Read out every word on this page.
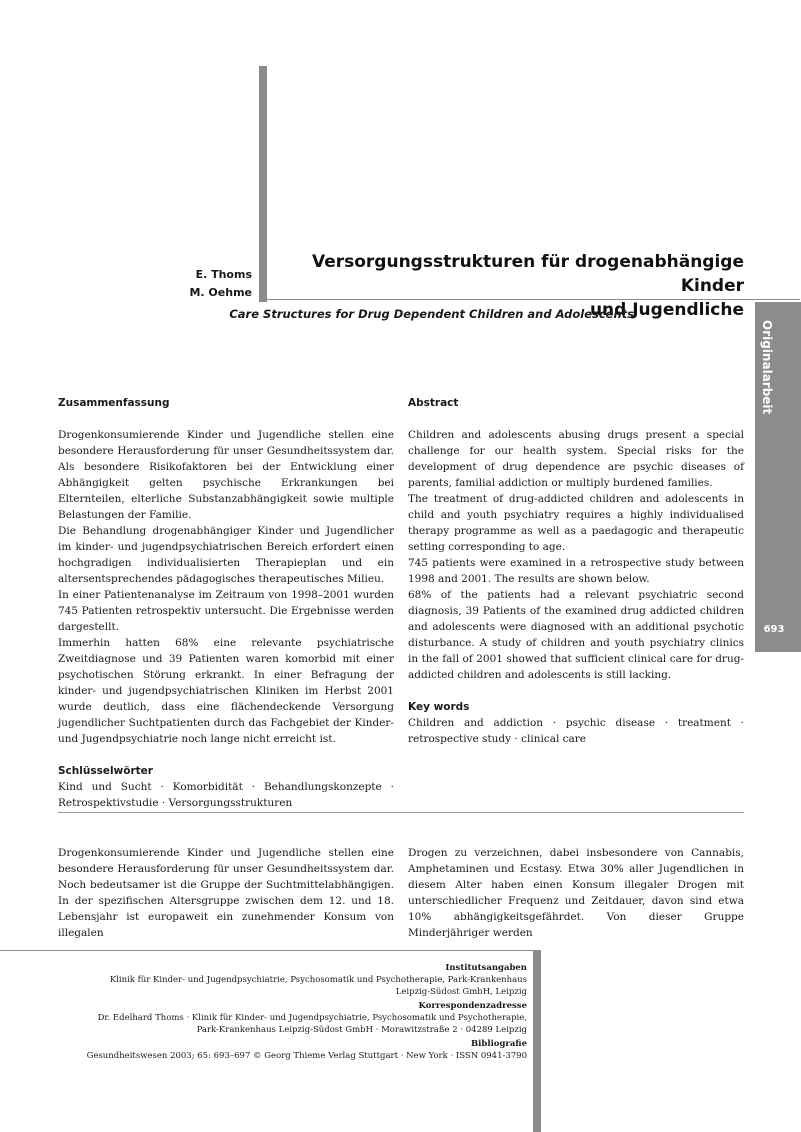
E. Thoms
M. Oehme
Versorgungsstrukturen für drogenabhängige Kinder
und Jugendliche
Care Structures for Drug Dependent Children and Adolescents
Originalarbeit
693

Zusammenfassung

Drogenkonsumierende Kinder und Jugendliche stellen eine besondere Herausforderung für unser Gesundheitssystem dar. Als besondere Risikofaktoren bei der Entwicklung einer Abhängigkeit gelten psychische Erkrankungen bei Elternteilen, elterliche Substanzabhängigkeit sowie multiple Belastungen der Familie.

Die Behandlung drogenabhängiger Kinder und Jugendlicher im kinder- und jugendpsychiatrischen Bereich erfordert einen hochgradigen individualisierten Therapieplan und ein altersentsprechendes pädagogisches therapeutisches Milieu.

In einer Patientenanalyse im Zeitraum von 1998–2001 wurden 745 Patienten retrospektiv untersucht. Die Ergebnisse werden dargestellt.

Immerhin hatten 68% eine relevante psychiatrische Zweitdiagnose und 39 Patienten waren komorbid mit einer psychotischen Störung erkrankt. In einer Befragung der kinder- und jugendpsychiatrischen Kliniken im Herbst 2001 wurde deutlich, dass eine flächendeckende Versorgung jugendlicher Suchtpatienten durch das Fachgebiet der Kinder- und Jugendpsychiatrie noch lange nicht erreicht ist.

Schlüsselwörter

Kind und Sucht · Komorbidität · Behandlungskonzepte · Retrospektivstudie · Versorgungsstrukturen

Abstract

Children and adolescents abusing drugs present a special challenge for our health system. Special risks for the development of drug dependence are psychic diseases of parents, familial addiction or multiply burdened families.

The treatment of drug-addicted children and adolescents in child and youth psychiatry requires a highly individualised therapy programme as well as a paedagogic and therapeutic setting corresponding to age.

745 patients were examined in a retrospective study between 1998 and 2001. The results are shown below.

68% of the patients had a relevant psychiatric second diagnosis, 39 Patients of the examined drug addicted children and adolescents were diagnosed with an additional psychotic disturbance. A study of children and youth psychiatry clinics in the fall of 2001 showed that sufficient clinical care for drug-addicted children and adolescents is still lacking.

Key words

Children and addiction · psychic disease · treatment · retrospective study · clinical care

Drogenkonsumierende Kinder und Jugendliche stellen eine besondere Herausforderung für unser Gesundheitssystem dar. Noch bedeutsamer ist die Gruppe der Suchtmittelabhängigen. In der spezifischen Altersgruppe zwischen dem 12. und 18. Lebensjahr ist europaweit ein zunehmender Konsum von illegalen

Drogen zu verzeichnen, dabei insbesondere von Cannabis, Amphetaminen und Ecstasy. Etwa 30% aller Jugendlichen in diesem Alter haben einen Konsum illegaler Drogen mit unterschiedlicher Frequenz und Zeitdauer, davon sind etwa 10% abhängigkeitsgefährdet. Von dieser Gruppe Minderjähriger werden

Institutsangaben

Klinik für Kinder- und Jugendpsychiatrie, Psychosomatik und Psychotherapie, Park-Krankenhaus

Leipzig-Südost GmbH, Leipzig

Korrespondenzadresse

Dr. Edelhard Thoms · Klinik für Kinder- und Jugendpsychiatrie, Psychosomatik und Psychotherapie,

Park-Krankenhaus Leipzig-Südost GmbH · Morawitzstraße 2 · 04289 Leipzig

Bibliografie

Gesundheitswesen 2003; 65: 693–697 © Georg Thieme Verlag Stuttgart · New York · ISSN 0941-3790
